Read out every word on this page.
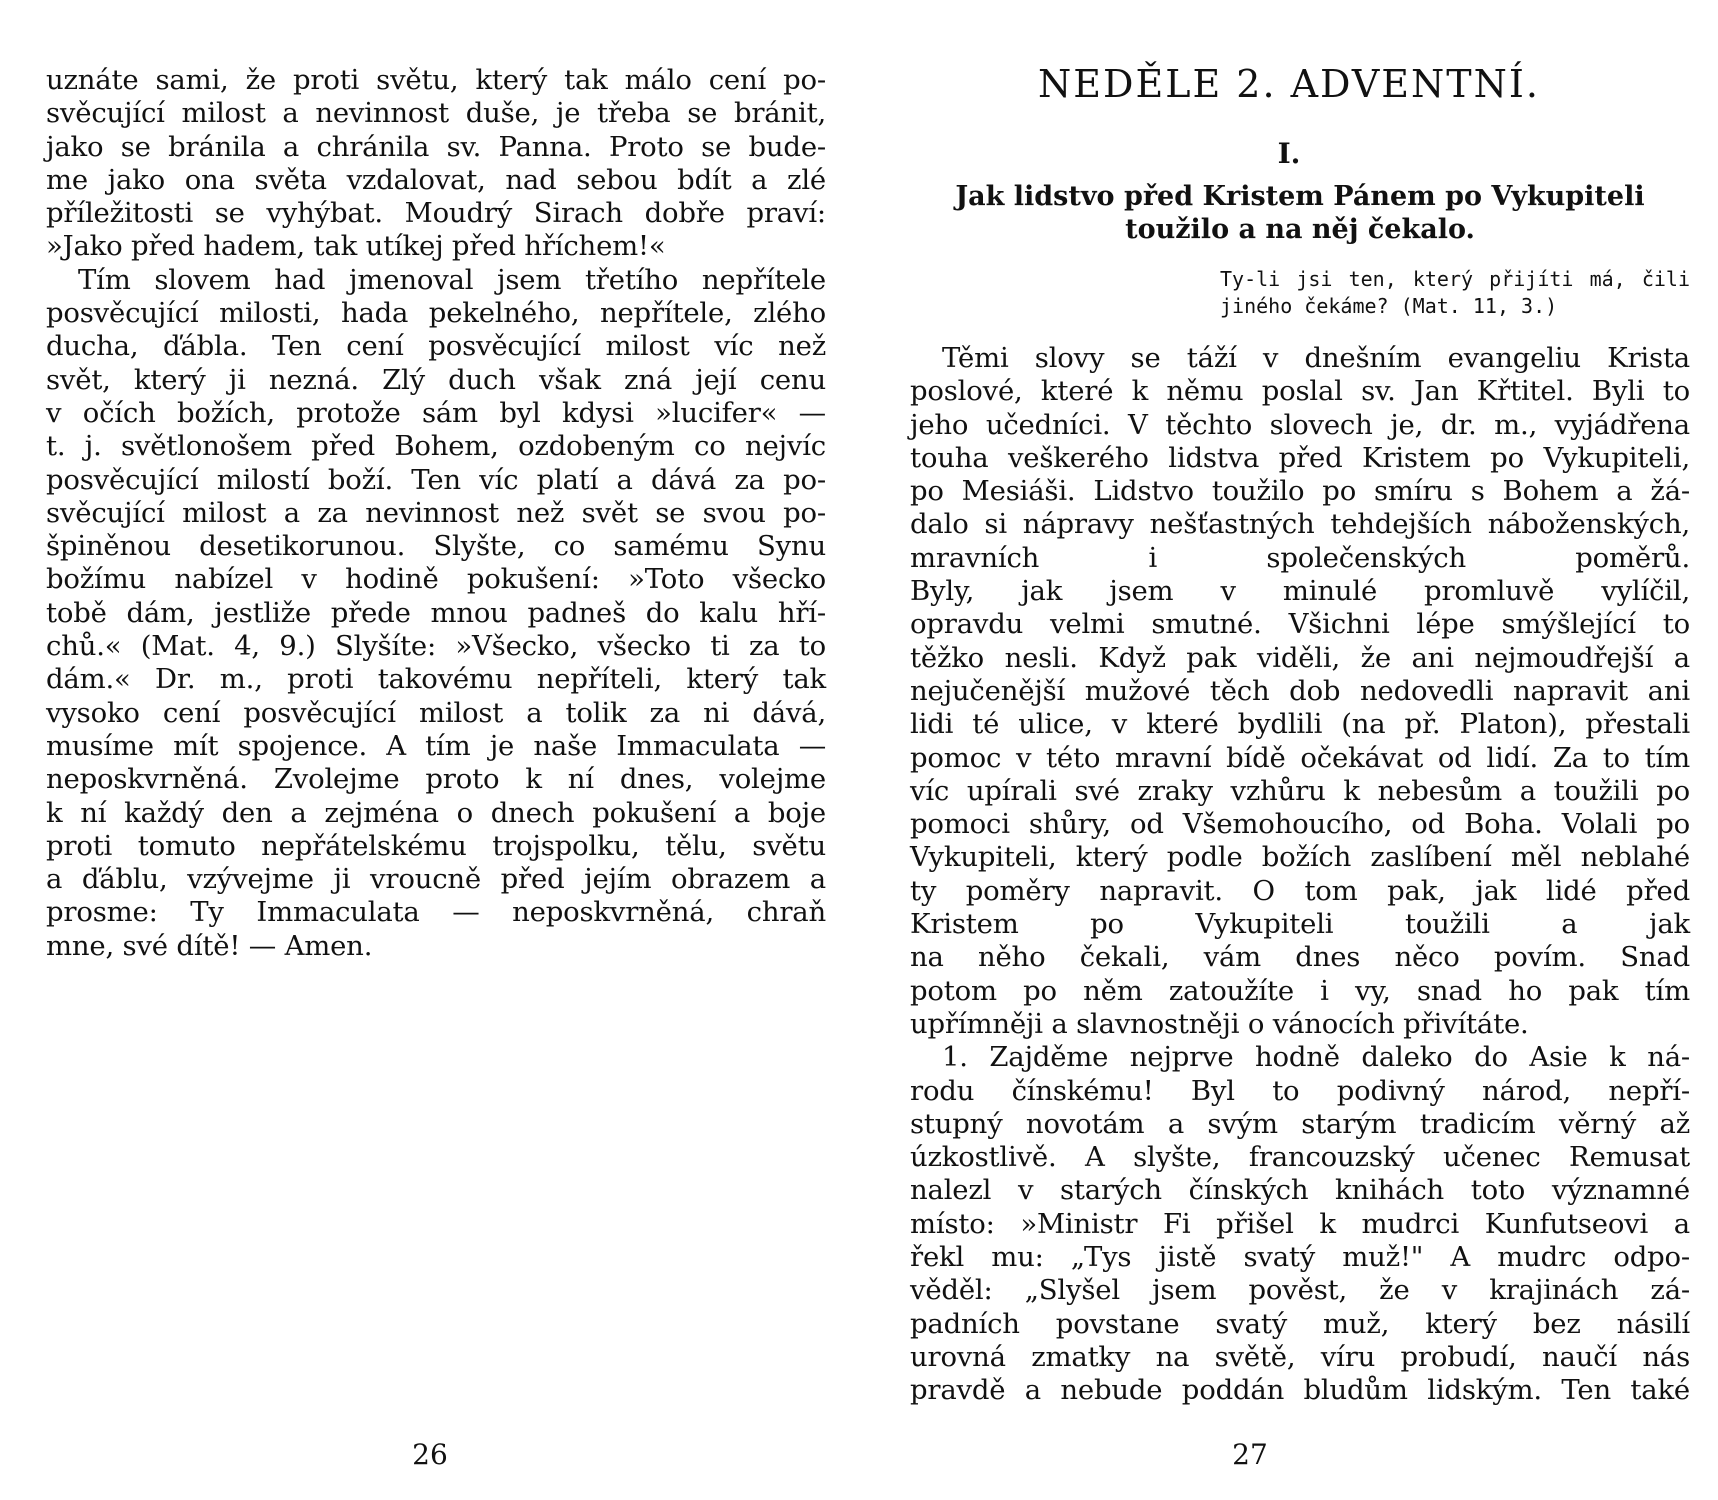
uznáte sami, že proti světu, který tak málo cení po-
svěcující milost a nevinnost duše, je třeba se bránit,
jako se bránila a chránila sv. Panna. Proto se bude-
me jako ona světa vzdalovat, nad sebou bdít a zlé
příležitosti se vyhýbat. Moudrý Sirach dobře praví:
»Jako před hadem, tak utíkej před hříchem!«
Tím slovem had jmenoval jsem třetího nepřítele
posvěcující milosti, hada pekelného, nepřítele, zlého
ducha, ďábla. Ten cení posvěcující milost víc než
svět, který ji nezná. Zlý duch však zná její cenu
v očích božích, protože sám byl kdysi »lucifer« —
t. j. světlonošem před Bohem, ozdobeným co nejvíc
posvěcující milostí boží. Ten víc platí a dává za po-
svěcující milost a za nevinnost než svět se svou po-
špiněnou desetikorunou. Slyšte, co samému Synu
božímu nabízel v hodině pokušení: »Toto všecko
tobě dám, jestliže přede mnou padneš do kalu hří-
chů.« (Mat. 4, 9.) Slyšíte: »Všecko, všecko ti za to
dám.« Dr. m., proti takovému nepříteli, který tak
vysoko cení posvěcující milost a tolik za ni dává,
musíme mít spojence. A tím je naše Immaculata —
neposkvrněná. Zvolejme proto k ní dnes, volejme
k ní každý den a zejména o dnech pokušení a boje
proti tomuto nepřátelskému trojspolku, tělu, světu
a ďáblu, vzývejme ji vroucně před jejím obrazem a
prosme: Ty Immaculata — neposkvrněná, chraň
mne, své dítě! — Amen.
26
NEDĚLE 2. ADVENTNÍ.
I.
Jak lidstvo před Kristem Pánem po Vykupiteli
toužilo a na něj čekalo.
Ty-li jsi ten, který přijíti má, čili
jiného čekáme? (Mat. 11, 3.)
Těmi slovy se táží v dnešním evangeliu Krista
poslové, které k němu poslal sv. Jan Křtitel. Byli to
jeho učedníci. V těchto slovech je, dr. m., vyjádřena
touha veškerého lidstva před Kristem po Vykupiteli,
po Mesiáši. Lidstvo toužilo po smíru s Bohem a žá-
dalo si nápravy nešťastných tehdejších náboženských,
mravních i společenských poměrů.
Byly, jak jsem v minulé promluvě vylíčil,
opravdu velmi smutné. Všichni lépe smýšlející to
těžko nesli. Když pak viděli, že ani nejmoudřejší a
nejučenější mužové těch dob nedovedli napravit ani
lidi té ulice, v které bydlili (na př. Platon), přestali
pomoc v této mravní bídě očekávat od lidí. Za to tím
víc upírali své zraky vzhůru k nebesům a toužili po
pomoci shůry, od Všemohoucího, od Boha. Volali po
Vykupiteli, který podle božích zaslíbení měl neblahé
ty poměry napravit. O tom pak, jak lidé před
Kristem po Vykupiteli toužili a jak
na něho čekali, vám dnes něco povím. Snad
potom po něm zatoužíte i vy, snad ho pak tím
upřímněji a slavnostněji o vánocích přivítáte.
1. Zajděme nejprve hodně daleko do Asie k ná-
rodu čínskému! Byl to podivný národ, nepří-
stupný novotám a svým starým tradicím věrný až
úzkostlivě. A slyšte, francouzský učenec Remusat
nalezl v starých čínských knihách toto významné
místo: »Ministr Fi přišel k mudrci Kunfutseovi a
řekl mu: „Tys jistě svatý muž!" A mudrc odpo-
věděl: „Slyšel jsem pověst, že v krajinách zá-
padních povstane svatý muž, který bez násilí
urovná zmatky na světě, víru probudí, naučí nás
pravdě a nebude poddán bludům lidským. Ten také
27
